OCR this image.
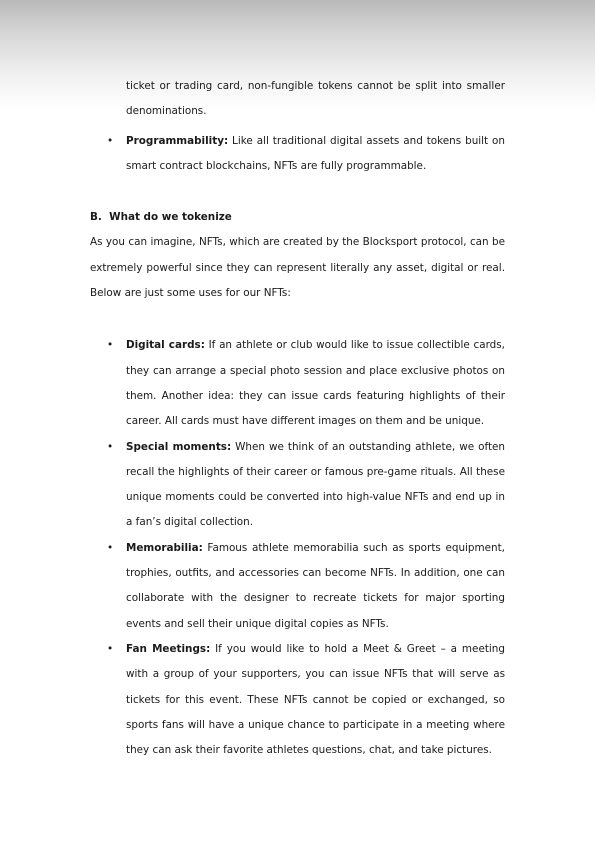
ticket or trading card, non-fungible tokens cannot be split into smaller denominations.

• Programmability: Like all traditional digital assets and tokens built on smart contract blockchains, NFTs are fully programmable.

B.  What do we tokenize

As you can imagine, NFTs, which are created by the Blocksport protocol, can be extremely powerful since they can represent literally any asset, digital or real. Below are just some uses for our NFTs:

• Digital cards: If an athlete or club would like to issue collectible cards, they can arrange a special photo session and place exclusive photos on them. Another idea: they can issue cards featuring highlights of their career. All cards must have different images on them and be unique.

• Special moments: When we think of an outstanding athlete, we often recall the highlights of their career or famous pre-game rituals. All these unique moments could be converted into high-value NFTs and end up in a fan’s digital collection.

• Memorabilia: Famous athlete memorabilia such as sports equipment, trophies, outfits, and accessories can become NFTs. In addition, one can collaborate with the designer to recreate tickets for major sporting events and sell their unique digital copies as NFTs.

• Fan Meetings: If you would like to hold a Meet & Greet – a meeting with a group of your supporters, you can issue NFTs that will serve as tickets for this event. These NFTs cannot be copied or exchanged, so sports fans will have a unique chance to participate in a meeting where they can ask their favorite athletes questions, chat, and take pictures.
